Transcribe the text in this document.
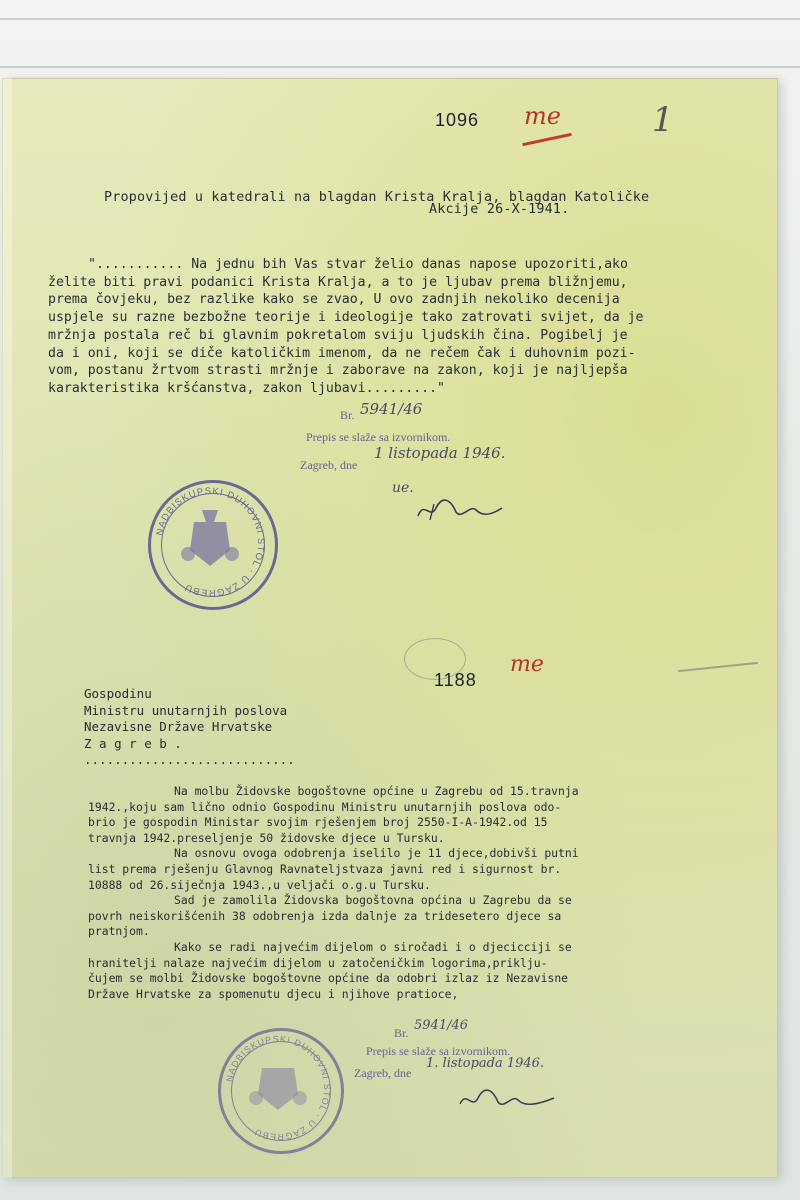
1096 me	1
Propovijed u katedrali na blagdan Krista Kralja, blagdan Katoličke
Akcije 26-X-1941.
"........... Na jednu bih Vas stvar želio danas napose upozoriti,ako
želite biti pravi podanici Krista Kralja, a to je ljubav prema bližnjemu,
prema čovjeku, bez razlike kako se zvao, U ovo zadnjih nekoliko decenija
uspjele su razne bezbožne teorije i ideologije tako zatrovati svijet, da je
mržnja postala reč bi glavnim pokretalom sviju ljudskih čina. Pogibelj je
da i oni, koji se diče katoličkim imenom, da ne rečem čak i duhovnim pozi-
vom, postanu žrtvom strasti mržnje i zaborave na zakon, koji je najljepša
karakteristika kršćanstva, zakon ljubavi........."
Br. 5941/46
Prepis se slaže sa izvornikom.
Zagreb, dne
1 listopada 1946.
ue.
NADBISKUPSKI DUHOVNI STOL · U ZAGREBU
1188
me
Gospodinu
Ministru unutarnjih poslova
Nezavisne Države Hrvatske
Z a g r e b .
............................
Na molbu Židovske bogoštovne općine u Zagrebu od 15.travnja
1942.,koju sam lično odnio Gospodinu Ministru unutarnjih poslova odo-
brio je gospodin Ministar svojim rješenjem broj 2550-I-A-1942.od 15
travnja 1942.preseljenje 50 židovske djece u Tursku.
Na osnovu ovoga odobrenja iselilo je 11 djece,dobivši putni
list prema rješenju Glavnog Ravnateljstvaza javni red i sigurnost br.
10888 od 26.siječnja 1943.,u veljači o.g.u Tursku.
Sad je zamolila Židovska bogoštovna općina u Zagrebu da se
povrh neiskorišćenih 38 odobrenja izda dalnje za tridesetero djece sa
pratnjom.
Kako se radi najvećim dijelom o siročadi i o djecicciji se
hranitelji nalaze najvećim dijelom u zatočeničkim logorima,priklju-
čujem se molbi Židovske bogoštovne općine da odobri izlaz iz Nezavisne
Države Hrvatske za spomenutu djecu i njihove pratioce,
Br. 5941/46
Prepis se slaže sa izvornikom.
Zagreb, dne
1. listopada 1946.
NADBISKUPSKI DUHOVNI STOL · U ZAGREBU
